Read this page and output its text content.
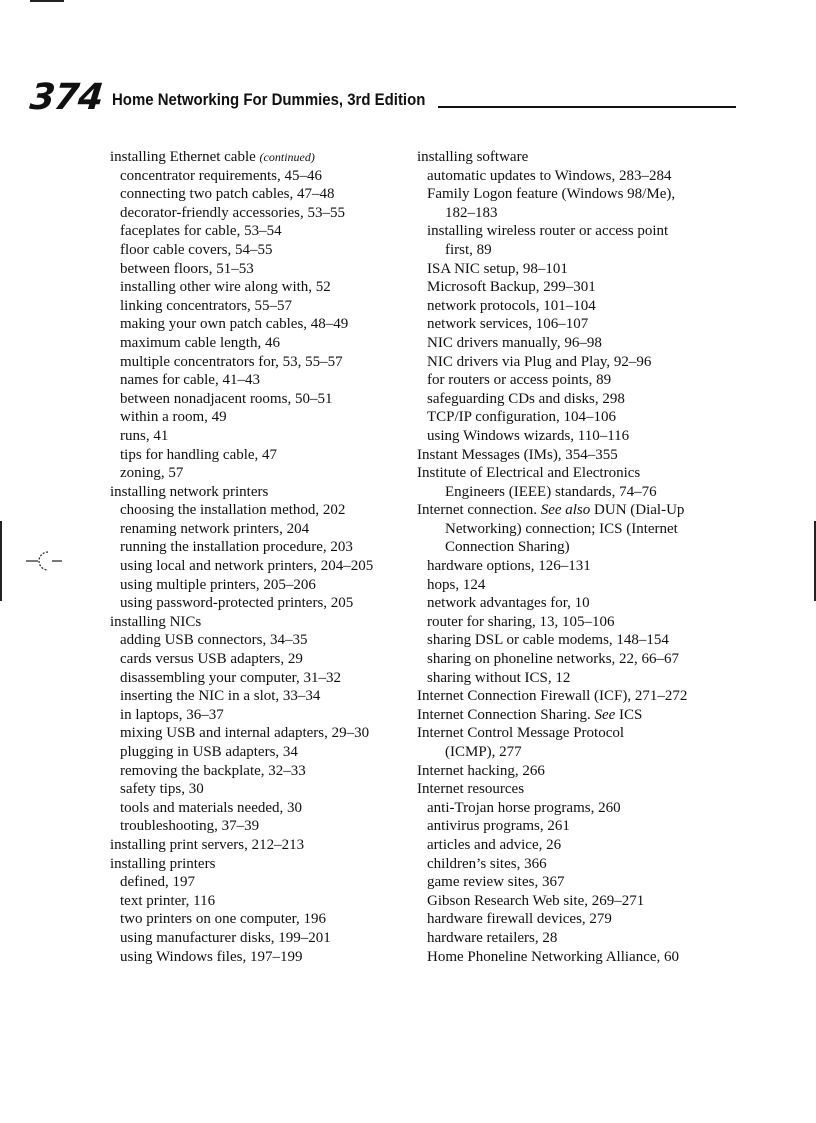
374 Home Networking For Dummies, 3rd Edition
installing Ethernet cable (continued)
concentrator requirements, 45–46
connecting two patch cables, 47–48
decorator-friendly accessories, 53–55
faceplates for cable, 53–54
floor cable covers, 54–55
between floors, 51–53
installing other wire along with, 52
linking concentrators, 55–57
making your own patch cables, 48–49
maximum cable length, 46
multiple concentrators for, 53, 55–57
names for cable, 41–43
between nonadjacent rooms, 50–51
within a room, 49
runs, 41
tips for handling cable, 47
zoning, 57
installing network printers
choosing the installation method, 202
renaming network printers, 204
running the installation procedure, 203
using local and network printers, 204–205
using multiple printers, 205–206
using password-protected printers, 205
installing NICs
adding USB connectors, 34–35
cards versus USB adapters, 29
disassembling your computer, 31–32
inserting the NIC in a slot, 33–34
in laptops, 36–37
mixing USB and internal adapters, 29–30
plugging in USB adapters, 34
removing the backplate, 32–33
safety tips, 30
tools and materials needed, 30
troubleshooting, 37–39
installing print servers, 212–213
installing printers
defined, 197
text printer, 116
two printers on one computer, 196
using manufacturer disks, 199–201
using Windows files, 197–199
installing software
automatic updates to Windows, 283–284
Family Logon feature (Windows 98/Me),
182–183
installing wireless router or access point
first, 89
ISA NIC setup, 98–101
Microsoft Backup, 299–301
network protocols, 101–104
network services, 106–107
NIC drivers manually, 96–98
NIC drivers via Plug and Play, 92–96
for routers or access points, 89
safeguarding CDs and disks, 298
TCP/IP configuration, 104–106
using Windows wizards, 110–116
Instant Messages (IMs), 354–355
Institute of Electrical and Electronics
Engineers (IEEE) standards, 74–76
Internet connection. See also DUN (Dial-Up
Networking) connection; ICS (Internet
Connection Sharing)
hardware options, 126–131
hops, 124
network advantages for, 10
router for sharing, 13, 105–106
sharing DSL or cable modems, 148–154
sharing on phoneline networks, 22, 66–67
sharing without ICS, 12
Internet Connection Firewall (ICF), 271–272
Internet Connection Sharing. See ICS
Internet Control Message Protocol
(ICMP), 277
Internet hacking, 266
Internet resources
anti-Trojan horse programs, 260
antivirus programs, 261
articles and advice, 26
children’s sites, 366
game review sites, 367
Gibson Research Web site, 269–271
hardware firewall devices, 279
hardware retailers, 28
Home Phoneline Networking Alliance, 60
